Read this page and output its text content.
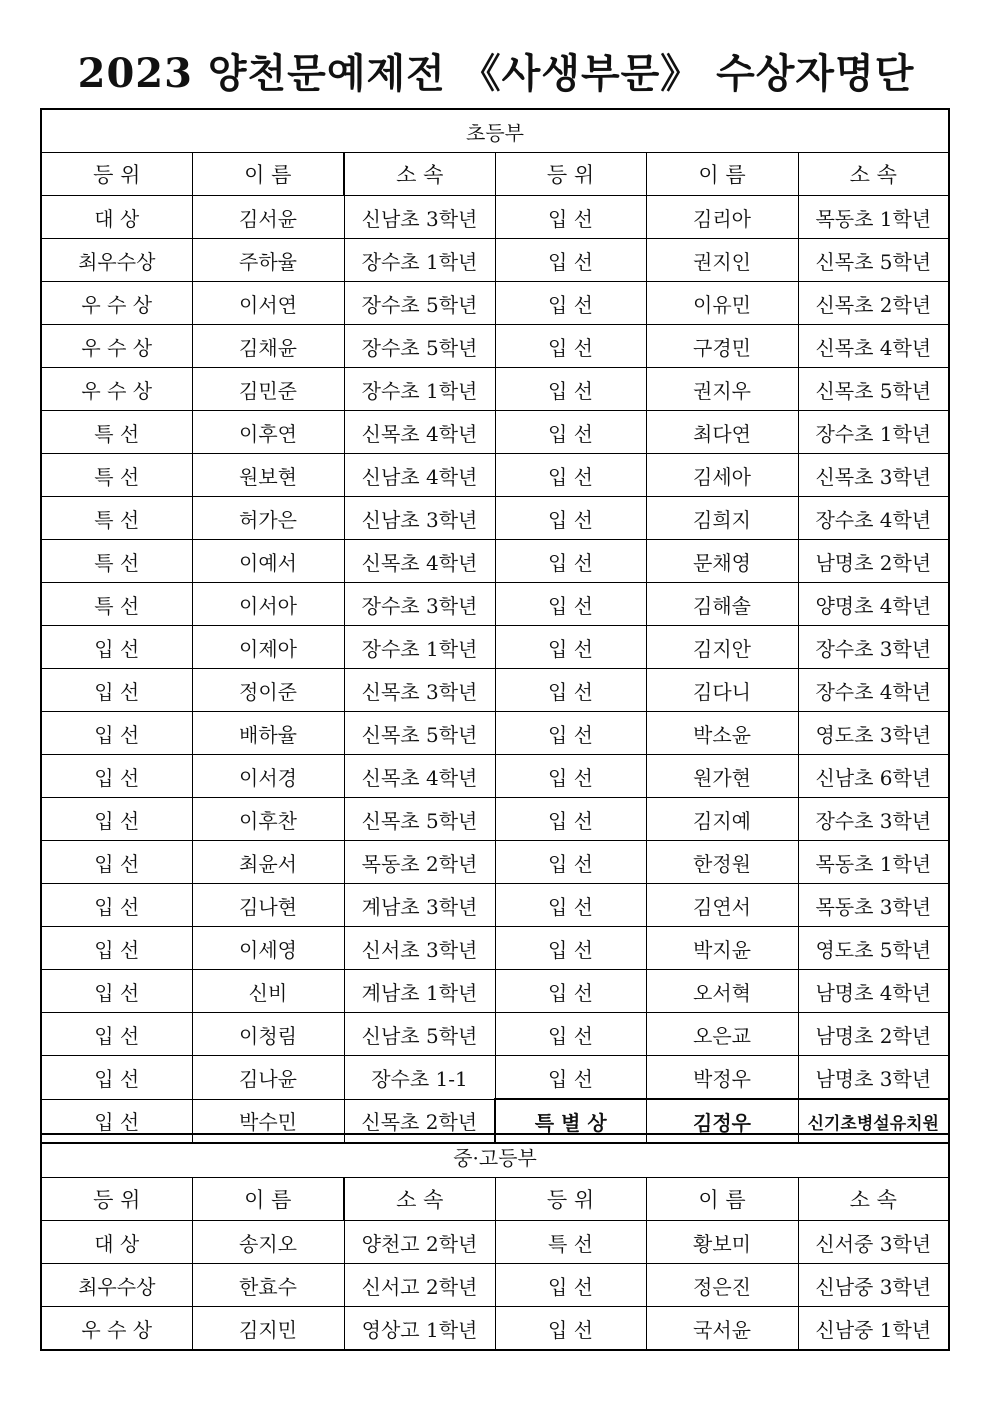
2023 양천문예제전 《사생부문》 수상자명단
초등부					
등 위	이 름	소 속	등 위	이 름	소 속
대 상	김서윤	신남초 3학년	입 선	김리아	목동초 1학년
최우수상	주하율	장수초 1학년	입 선	권지인	신목초 5학년
우 수 상	이서연	장수초 5학년	입 선	이유민	신목초 2학년
우 수 상	김채윤	장수초 5학년	입 선	구경민	신목초 4학년
우 수 상	김민준	장수초 1학년	입 선	권지우	신목초 5학년
특 선	이후연	신목초 4학년	입 선	최다연	장수초 1학년
특 선	원보현	신남초 4학년	입 선	김세아	신목초 3학년
특 선	허가은	신남초 3학년	입 선	김희지	장수초 4학년
특 선	이예서	신목초 4학년	입 선	문채영	남명초 2학년
특 선	이서아	장수초 3학년	입 선	김해솔	양명초 4학년
입 선	이제아	장수초 1학년	입 선	김지안	장수초 3학년
입 선	정이준	신목초 3학년	입 선	김다니	장수초 4학년
입 선	배하율	신목초 5학년	입 선	박소윤	영도초 3학년
입 선	이서경	신목초 4학년	입 선	원가현	신남초 6학년
입 선	이후찬	신목초 5학년	입 선	김지예	장수초 3학년
입 선	최윤서	목동초 2학년	입 선	한정원	목동초 1학년
입 선	김나현	계남초 3학년	입 선	김연서	목동초 3학년
입 선	이세영	신서초 3학년	입 선	박지윤	영도초 5학년
입 선	신비	계남초 1학년	입 선	오서혁	남명초 4학년
입 선	이청림	신남초 5학년	입 선	오은교	남명초 2학년
입 선	김나윤	장수초 1-1	입 선	박정우	남명초 3학년
입 선	박수민	신목초 2학년	특 별 상	김정우	신기초병설유치원
중·고등부					
등 위	이 름	소 속	등 위	이 름	소 속
대 상	송지오	양천고 2학년	특 선	황보미	신서중 3학년
최우수상	한효수	신서고 2학년	입 선	정은진	신남중 3학년
우 수 상	김지민	영상고 1학년	입 선	국서윤	신남중 1학년
